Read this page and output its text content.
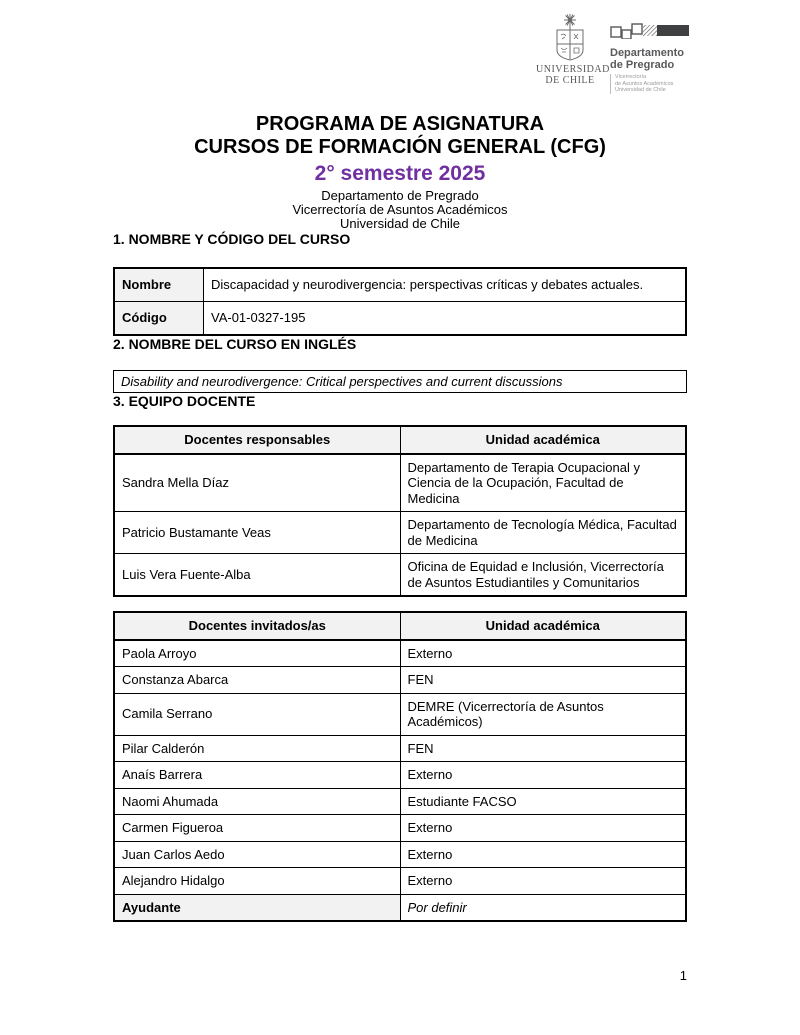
UNIVERSIDAD
DE CHILE
Departamento
de Pregrado
Vicerrectoría
de Asuntos Académicos
Universidad de Chile
PROGRAMA DE ASIGNATURA
CURSOS DE FORMACIÓN GENERAL (CFG)
2° semestre 2025
Departamento de Pregrado
Vicerrectoría de Asuntos Académicos
Universidad de Chile
1. NOMBRE Y CÓDIGO DEL CURSO
Nombre	Discapacidad y neurodivergencia: perspectivas críticas y debates actuales.
Código	VA-01-0327-195
2. NOMBRE DEL CURSO EN INGLÉS
Disability and neurodivergence: Critical perspectives and current discussions
3. EQUIPO DOCENTE
Docentes responsables	Unidad académica
Sandra Mella Díaz	Departamento de Terapia Ocupacional y Ciencia de la Ocupación, Facultad de Medicina
Patricio Bustamante Veas	Departamento de Tecnología Médica, Facultad de Medicina
Luis Vera Fuente-Alba	Oficina de Equidad e Inclusión, Vicerrectoría de Asuntos Estudiantiles y Comunitarios
Docentes invitados/as	Unidad académica
Paola Arroyo	Externo
Constanza Abarca	FEN
Camila Serrano	DEMRE (Vicerrectoría de Asuntos Académicos)
Pilar Calderón	FEN
Anaís Barrera	Externo
Naomi Ahumada	Estudiante FACSO
Carmen Figueroa	Externo
Juan Carlos Aedo	Externo
Alejandro Hidalgo	Externo
Ayudante	Por definir
1
